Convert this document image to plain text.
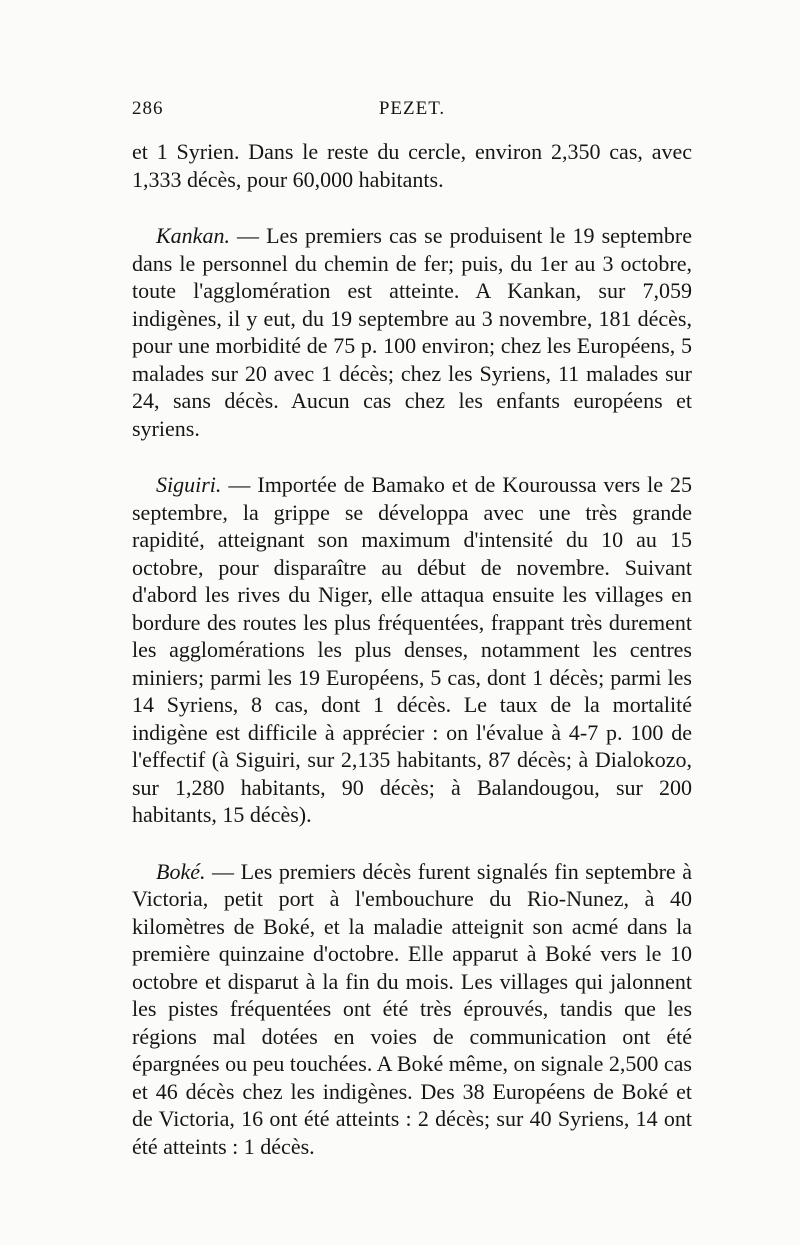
286	PEZET.

et 1 Syrien. Dans le reste du cercle, environ 2,350 cas, avec 1,333 décès, pour 60,000 habitants.

Kankan. — Les premiers cas se produisent le 19 septembre dans le personnel du chemin de fer; puis, du 1er au 3 octobre, toute l'agglomération est atteinte. A Kankan, sur 7,059 indigènes, il y eut, du 19 septembre au 3 novembre, 181 décès, pour une morbidité de 75 p. 100 environ; chez les Européens, 5 malades sur 20 avec 1 décès; chez les Syriens, 11 malades sur 24, sans décès. Aucun cas chez les enfants européens et syriens.

Siguiri. — Importée de Bamako et de Kouroussa vers le 25 septembre, la grippe se développa avec une très grande rapidité, atteignant son maximum d'intensité du 10 au 15 octobre, pour disparaître au début de novembre. Suivant d'abord les rives du Niger, elle attaqua ensuite les villages en bordure des routes les plus fréquentées, frappant très durement les agglomérations les plus denses, notamment les centres miniers; parmi les 19 Européens, 5 cas, dont 1 décès; parmi les 14 Syriens, 8 cas, dont 1 décès. Le taux de la mortalité indigène est difficile à apprécier : on l'évalue à 4-7 p. 100 de l'effectif (à Siguiri, sur 2,135 habitants, 87 décès; à Dialokozo, sur 1,280 habitants, 90 décès; à Balandougou, sur 200 habitants, 15 décès).

Boké. — Les premiers décès furent signalés fin septembre à Victoria, petit port à l'embouchure du Rio-Nunez, à 40 kilomètres de Boké, et la maladie atteignit son acmé dans la première quinzaine d'octobre. Elle apparut à Boké vers le 10 octobre et disparut à la fin du mois. Les villages qui jalonnent les pistes fréquentées ont été très éprouvés, tandis que les régions mal dotées en voies de communication ont été épargnées ou peu touchées. A Boké même, on signale 2,500 cas et 46 décès chez les indigènes. Des 38 Européens de Boké et de Victoria, 16 ont été atteints : 2 décès; sur 40 Syriens, 14 ont été atteints : 1 décès.
